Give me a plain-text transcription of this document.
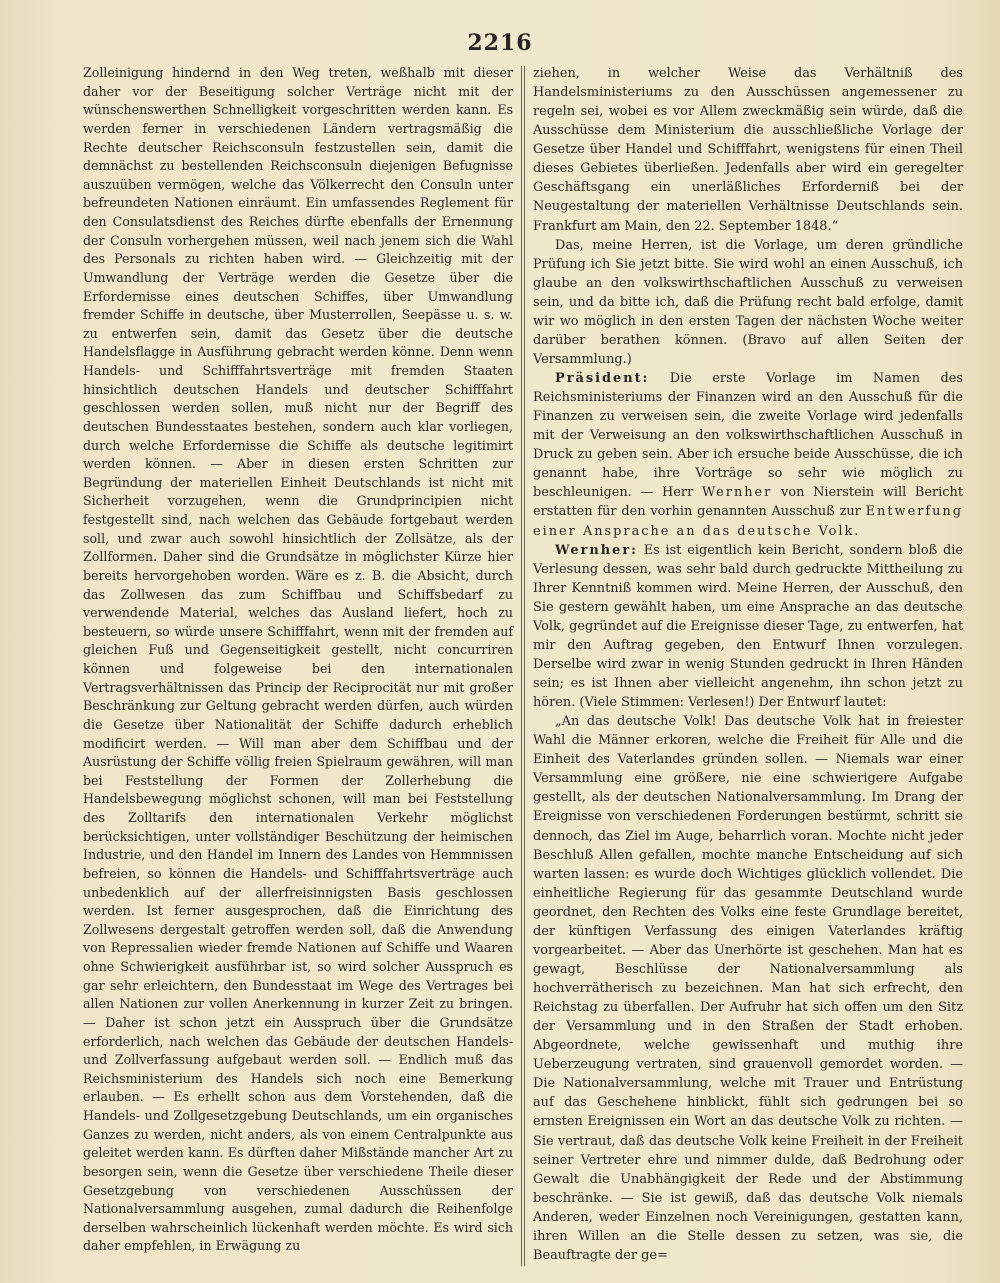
2216

Zolleinigung hindernd in den Weg treten, weßhalb mit dieser daher vor der Beseitigung solcher Verträge nicht mit der wünschenswerthen Schnelligkeit vorgeschritten werden kann. Es werden ferner in verschiedenen Ländern vertragsmäßig die Rechte deutscher Reichsconsuln festzustellen sein, damit die demnächst zu bestellenden Reichsconsuln diejenigen Befugnisse auszuüben vermögen, welche das Völkerrecht den Consuln unter befreundeten Nationen einräumt. Ein umfassendes Reglement für den Consulatsdienst des Reiches dürfte ebenfalls der Ernennung der Consuln vorhergehen müssen, weil nach jenem sich die Wahl des Personals zu richten haben wird. — Gleichzeitig mit der Umwandlung der Verträge werden die Gesetze über die Erfordernisse eines deutschen Schiffes, über Umwandlung fremder Schiffe in deutsche, über Musterrollen, Seepässe u. s. w. zu entwerfen sein, damit das Gesetz über die deutsche Handelsflagge in Ausführung gebracht werden könne. Denn wenn Handels- und Schifffahrtsverträge mit fremden Staaten hinsichtlich deutschen Handels und deutscher Schifffahrt geschlossen werden sollen, muß nicht nur der Begriff des deutschen Bundesstaates bestehen, sondern auch klar vorliegen, durch welche Erfordernisse die Schiffe als deutsche legitimirt werden können. — Aber in diesen ersten Schritten zur Begründung der materiellen Einheit Deutschlands ist nicht mit Sicherheit vorzugehen, wenn die Grundprincipien nicht festgestellt sind, nach welchen das Gebäude fortgebaut werden soll, und zwar auch sowohl hinsichtlich der Zollsätze, als der Zollformen. Daher sind die Grundsätze in möglichster Kürze hier bereits hervorgehoben worden. Wäre es z. B. die Absicht, durch das Zollwesen das zum Schiffbau und Schiffsbedarf zu verwendende Material, welches das Ausland liefert, hoch zu besteuern, so würde unsere Schifffahrt, wenn mit der fremden auf gleichen Fuß und Gegenseitigkeit gestellt, nicht concurriren können und folgeweise bei den internationalen Vertragsverhältnissen das Princip der Reciprocität nur mit großer Beschränkung zur Geltung gebracht werden dürfen, auch würden die Gesetze über Nationalität der Schiffe dadurch erheblich modificirt werden. — Will man aber dem Schiffbau und der Ausrüstung der Schiffe völlig freien Spielraum gewähren, will man bei Feststellung der Formen der Zollerhebung die Handelsbewegung möglichst schonen, will man bei Feststellung des Zolltarifs den internationalen Verkehr möglichst berücksichtigen, unter vollständiger Beschützung der heimischen Industrie, und den Handel im Innern des Landes von Hemmnissen befreien, so können die Handels- und Schifffahrtsverträge auch unbedenklich auf der allerfreisinnigsten Basis geschlossen werden. Ist ferner ausgesprochen, daß die Einrichtung des Zollwesens dergestalt getroffen werden soll, daß die Anwendung von Repressalien wieder fremde Nationen auf Schiffe und Waaren ohne Schwierigkeit ausführbar ist, so wird solcher Ausspruch es gar sehr erleichtern, den Bundesstaat im Wege des Vertrages bei allen Nationen zur vollen Anerkennung in kurzer Zeit zu bringen. — Daher ist schon jetzt ein Ausspruch über die Grundsätze erforderlich, nach welchen das Gebäude der deutschen Handels- und Zollverfassung aufgebaut werden soll. — Endlich muß das Reichsministerium des Handels sich noch eine Bemerkung erlauben. — Es erhellt schon aus dem Vorstehenden, daß die Handels- und Zollgesetzgebung Deutschlands, um ein organisches Ganzes zu werden, nicht anders, als von einem Centralpunkte aus geleitet werden kann. Es dürften daher Mißstände mancher Art zu besorgen sein, wenn die Gesetze über verschiedene Theile dieser Gesetzgebung von verschiedenen Ausschüssen der Nationalversammlung ausgehen, zumal dadurch die Reihenfolge derselben wahrscheinlich lückenhaft werden möchte. Es wird sich daher empfehlen, in Erwägung zu

ziehen, in welcher Weise das Verhältniß des Handelsministeriums zu den Ausschüssen angemessener zu regeln sei, wobei es vor Allem zweckmäßig sein würde, daß die Ausschüsse dem Ministerium die ausschließliche Vorlage der Gesetze über Handel und Schifffahrt, wenigstens für einen Theil dieses Gebietes überließen. Jedenfalls aber wird ein geregelter Geschäftsgang ein unerläßliches Erforderniß bei der Neugestaltung der materiellen Verhältnisse Deutschlands sein. Frankfurt am Main, den 22. September 1848.“

Das, meine Herren, ist die Vorlage, um deren gründliche Prüfung ich Sie jetzt bitte. Sie wird wohl an einen Ausschuß, ich glaube an den volkswirthschaftlichen Ausschuß zu verweisen sein, und da bitte ich, daß die Prüfung recht bald erfolge, damit wir wo möglich in den ersten Tagen der nächsten Woche weiter darüber berathen können. (Bravo auf allen Seiten der Versammlung.)

Präsident: Die erste Vorlage im Namen des Reichsministeriums der Finanzen wird an den Ausschuß für die Finanzen zu verweisen sein, die zweite Vorlage wird jedenfalls mit der Verweisung an den volkswirthschaftlichen Ausschuß in Druck zu geben sein. Aber ich ersuche beide Ausschüsse, die ich genannt habe, ihre Vorträge so sehr wie möglich zu beschleunigen. — Herr Wernher von Nierstein will Bericht erstatten für den vorhin genannten Ausschuß zur Entwerfung einer Ansprache an das deutsche Volk.

Wernher: Es ist eigentlich kein Bericht, sondern bloß die Verlesung dessen, was sehr bald durch gedruckte Mittheilung zu Ihrer Kenntniß kommen wird. Meine Herren, der Ausschuß, den Sie gestern gewählt haben, um eine Ansprache an das deutsche Volk, gegründet auf die Ereignisse dieser Tage, zu entwerfen, hat mir den Auftrag gegeben, den Entwurf Ihnen vorzulegen. Derselbe wird zwar in wenig Stunden gedruckt in Ihren Händen sein; es ist Ihnen aber vielleicht angenehm, ihn schon jetzt zu hören. (Viele Stimmen: Verlesen!) Der Entwurf lautet:

„An das deutsche Volk! Das deutsche Volk hat in freiester Wahl die Männer erkoren, welche die Freiheit für Alle und die Einheit des Vaterlandes gründen sollen. — Niemals war einer Versammlung eine größere, nie eine schwierigere Aufgabe gestellt, als der deutschen Nationalversammlung. Im Drang der Ereignisse von verschiedenen Forderungen bestürmt, schritt sie dennoch, das Ziel im Auge, beharrlich voran. Mochte nicht jeder Beschluß Allen gefallen, mochte manche Entscheidung auf sich warten lassen: es wurde doch Wichtiges glücklich vollendet. Die einheitliche Regierung für das gesammte Deutschland wurde geordnet, den Rechten des Volks eine feste Grundlage bereitet, der künftigen Verfassung des einigen Vaterlandes kräftig vorgearbeitet. — Aber das Unerhörte ist geschehen. Man hat es gewagt, Beschlüsse der Nationalversammlung als hochverrätherisch zu bezeichnen. Man hat sich erfrecht, den Reichstag zu überfallen. Der Aufruhr hat sich offen um den Sitz der Versammlung und in den Straßen der Stadt erhoben. Abgeordnete, welche gewissenhaft und muthig ihre Ueberzeugung vertraten, sind grauenvoll gemordet worden. — Die Nationalversammlung, welche mit Trauer und Entrüstung auf das Geschehene hinblickt, fühlt sich gedrungen bei so ernsten Ereignissen ein Wort an das deutsche Volk zu richten. — Sie vertraut, daß das deutsche Volk keine Freiheit in der Freiheit seiner Vertreter ehre und nimmer dulde, daß Bedrohung oder Gewalt die Unabhängigkeit der Rede und der Abstimmung beschränke. — Sie ist gewiß, daß das deutsche Volk niemals Anderen, weder Einzelnen noch Vereinigungen, gestatten kann, ihren Willen an die Stelle dessen zu setzen, was sie, die Beauftragte der ge=
